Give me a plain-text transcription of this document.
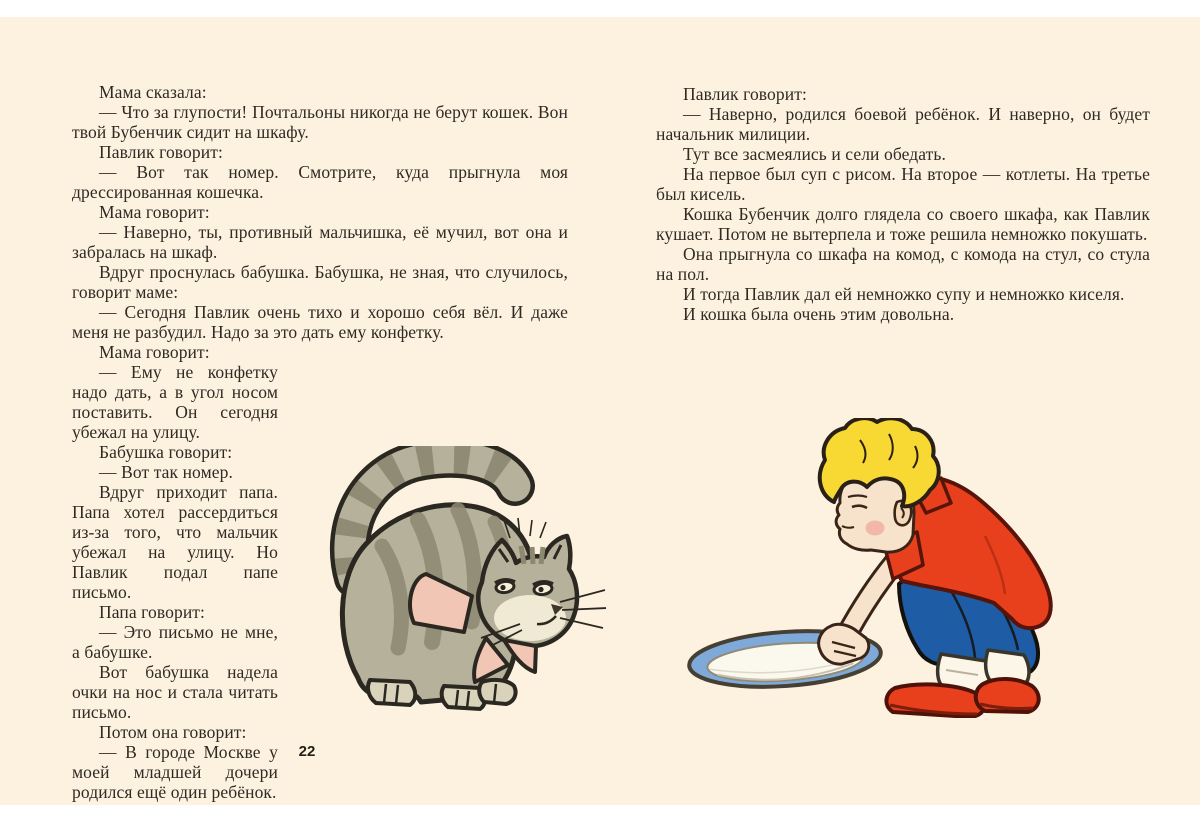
Мама сказала:

— Что за глупости! Почтальоны никогда не берут кошек. Вон твой Бубенчик сидит на шкафу.

Павлик говорит:

— Вот так номер. Смотрите, куда прыгнула моя дрессированная кошечка.

Мама говорит:

— Наверно, ты, противный мальчишка, её мучил, вот она и забралась на шкаф.

Вдруг проснулась бабушка. Бабушка, не зная, что случилось, говорит маме:

— Сегодня Павлик очень тихо и хорошо себя вёл. И даже меня не разбудил. Надо за это дать ему конфетку.

Мама говорит:

— Ему не конфетку надо дать, а в угол носом поставить. Он сегодня убежал на улицу.

Бабушка говорит:

— Вот так номер.

Вдруг приходит папа. Папа хотел рассердиться из-за того, что мальчик убежал на улицу. Но Павлик подал папе письмо.

Папа говорит:

— Это письмо не мне, а бабушке.

Вот бабушка надела очки на нос и стала читать письмо.

Потом она говорит:

— В городе Москве у моей младшей дочери родился ещё один ребёнок.

Павлик говорит:

— Наверно, родился боевой ребёнок. И наверно, он будет начальник милиции.

Тут все засмеялись и сели обедать.

На первое был суп с рисом. На второе — котлеты. На третье был кисель.

Кошка Бубенчик долго глядела со своего шкафа, как Павлик кушает. Потом не вытерпела и тоже решила немножко покушать.

Она прыгнула со шкафа на комод, с комода на стул, со стула на пол.

И тогда Павлик дал ей немножко супу и немножко киселя.

И кошка была очень этим довольна.

22
